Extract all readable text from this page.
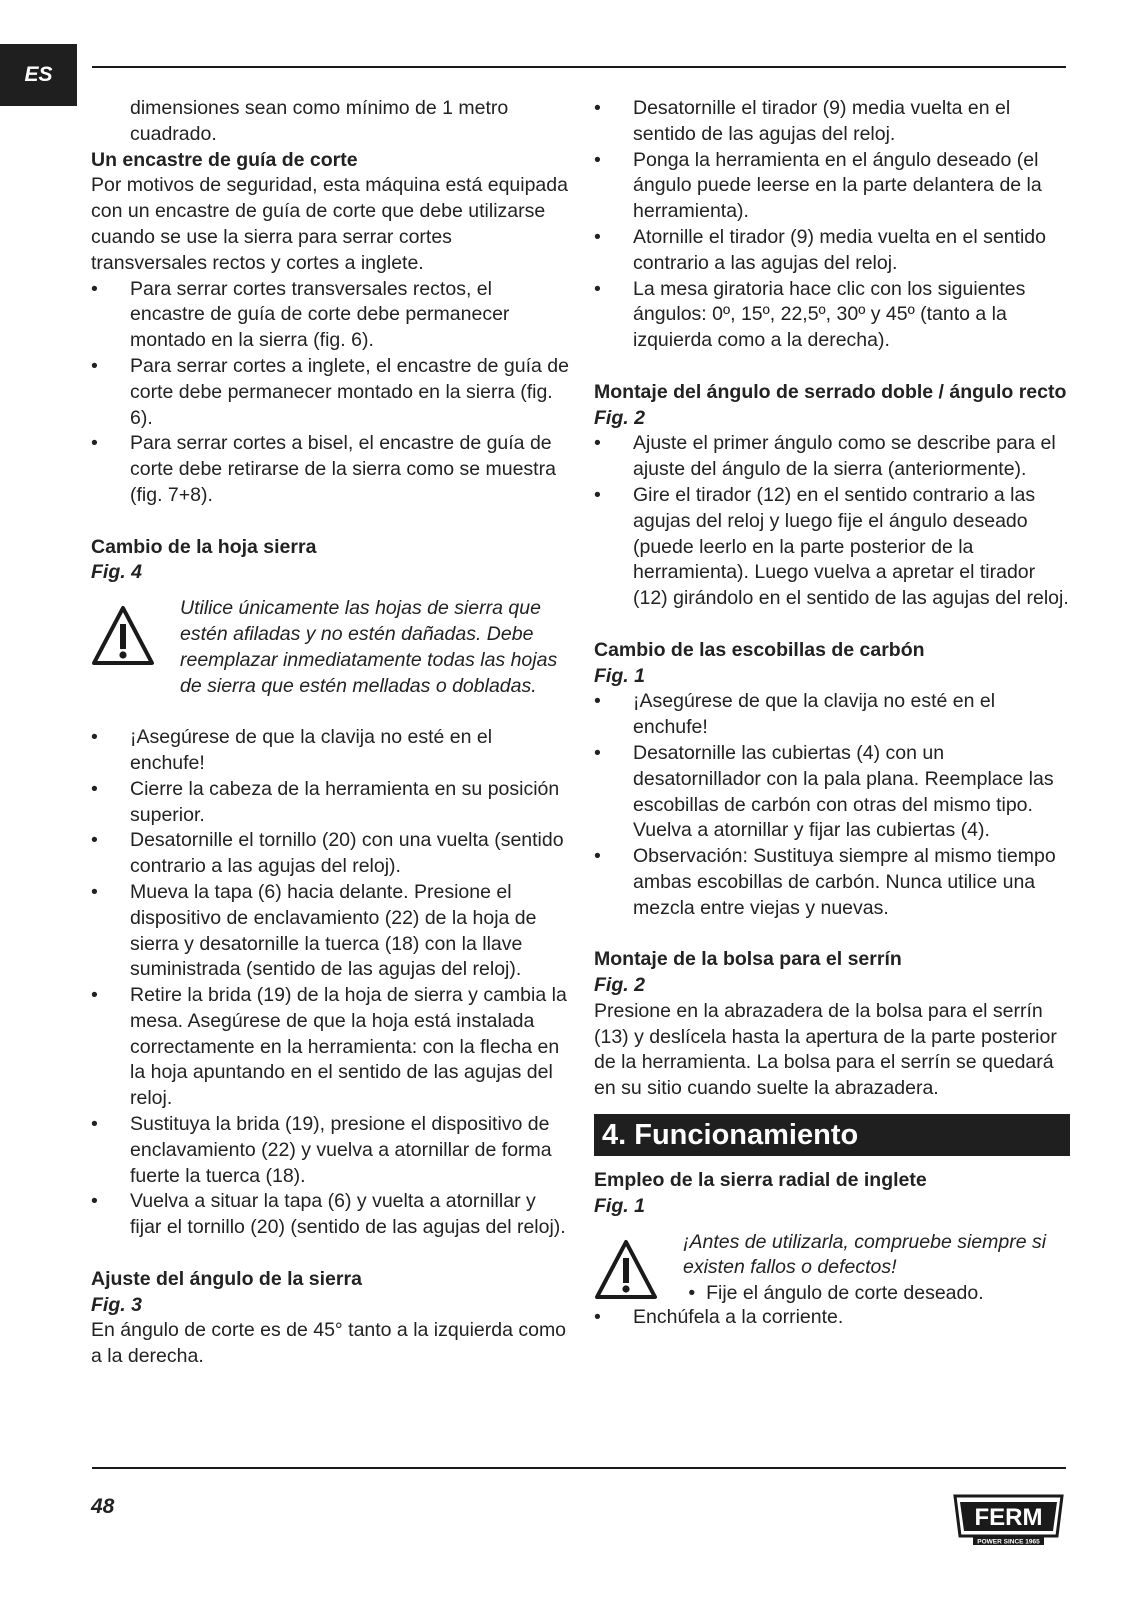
ES

dimensiones sean como mínimo de 1 metro cuadrado.

Un encastre de guía de corte

Por motivos de seguridad, esta máquina está equipada con un encastre de guía de corte que debe utilizarse cuando se use la sierra para serrar cortes transversales rectos y cortes a inglete.

• Para serrar cortes transversales rectos, el encastre de guía de corte debe permanecer montado en la sierra (fig. 6).
• Para serrar cortes a inglete, el encastre de guía de corte debe permanecer montado en la sierra (fig. 6).
• Para serrar cortes a bisel, el encastre de guía de corte debe retirarse de la sierra como se muestra (fig. 7+8).

Cambio de la hoja sierra

Fig. 4

Utilice únicamente las hojas de sierra que estén afiladas y no estén dañadas. Debe reemplazar inmediatamente todas las hojas de sierra que estén melladas o dobladas.
• ¡Asegúrese de que la clavija no esté en el enchufe!
• Cierre la cabeza de la herramienta en su posición superior.
• Desatornille el tornillo (20) con una vuelta (sentido contrario a las agujas del reloj).
• Mueva la tapa (6) hacia delante. Presione el dispositivo de enclavamiento (22) de la hoja de sierra y desatornille la tuerca (18) con la llave suministrada (sentido de las agujas del reloj).
• Retire la brida (19) de la hoja de sierra y cambia la mesa. Asegúrese de que la hoja está instalada correctamente en la herramienta: con la flecha en la hoja apuntando en el sentido de las agujas del reloj.
• Sustituya la brida (19), presione el dispositivo de enclavamiento (22) y vuelva a atornillar de forma fuerte la tuerca (18).
• Vuelva a situar la tapa (6) y vuelta a atornillar y fijar el tornillo (20) (sentido de las agujas del reloj).

Ajuste del ángulo de la sierra

Fig. 3

En ángulo de corte es de 45° tanto a la izquierda como a la derecha.

• Desatornille el tirador (9) media vuelta en el sentido de las agujas del reloj.
• Ponga la herramienta en el ángulo deseado (el ángulo puede leerse en la parte delantera de la herramienta).
• Atornille el tirador (9) media vuelta en el sentido contrario a las agujas del reloj.
• La mesa giratoria hace clic con los siguientes ángulos: 0º, 15º, 22,5º, 30º y 45º (tanto a la izquierda como a la derecha).

Montaje del ángulo de serrado doble / ángulo recto

Fig. 2

• Ajuste el primer ángulo como se describe para el ajuste del ángulo de la sierra (anteriormente).
• Gire el tirador (12) en el sentido contrario a las agujas del reloj y luego fije el ángulo deseado (puede leerlo en la parte posterior de la herramienta). Luego vuelva a apretar el tirador (12) girándolo en el sentido de las agujas del reloj.

Cambio de las escobillas de carbón

Fig. 1

• ¡Asegúrese de que la clavija no esté en el enchufe!
• Desatornille las cubiertas (4) con un desatornillador con la pala plana. Reemplace las escobillas de carbón con otras del mismo tipo. Vuelva a atornillar y fijar las cubiertas (4).
• Observación: Sustituya siempre al mismo tiempo ambas escobillas de carbón. Nunca utilice una mezcla entre viejas y nuevas.

Montaje de la bolsa para el serrín

Fig. 2

Presione en la abrazadera de la bolsa para el serrín (13) y deslícela hasta la apertura de la parte posterior de la herramienta. La bolsa para el serrín se quedará en su sitio cuando suelte la abrazadera.

4. Funcionamiento

Empleo de la sierra radial de inglete

Fig. 1

¡Antes de utilizarla, compruebe siempre si existen fallos o defectos!
•  Fije el ángulo de corte deseado.
• Enchúfela a la corriente.
48	FERM
POWER SINCE 1965
